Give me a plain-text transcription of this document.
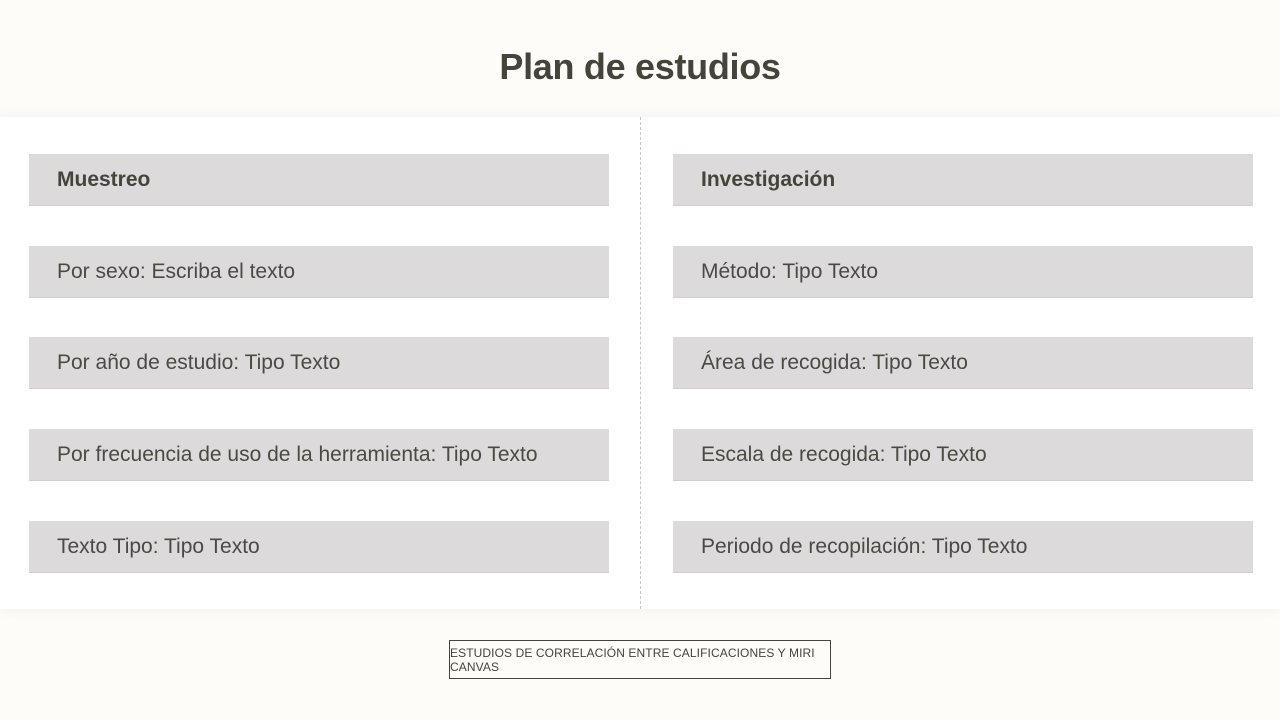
Plan de estudios
Muestreo
Por sexo: Escriba el texto
Por año de estudio: Tipo Texto
Por frecuencia de uso de la herramienta: Tipo Texto
Texto Tipo: Tipo Texto
Investigación
Método: Tipo Texto
Área de recogida: Tipo Texto
Escala de recogida: Tipo Texto
Periodo de recopilación: Tipo Texto
ESTUDIOS DE CORRELACIÓN ENTRE CALIFICACIONES Y MIRI CANVAS
